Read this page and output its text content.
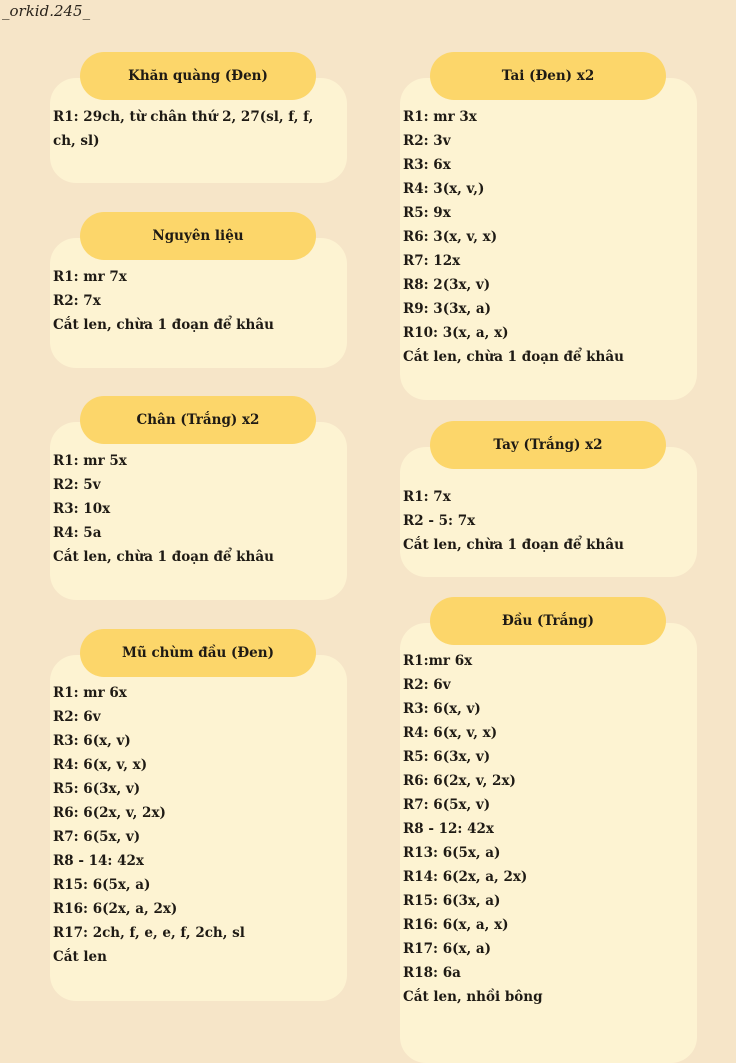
_orkid.245_
Khăn quàng (Đen)
R1: 29ch, từ chân thứ 2, 27(sl, f, f, ch, sl)
Nguyên liệu
R1: mr 7x
R2: 7x
Cắt len, chừa 1 đoạn để khâu
Chân (Trắng) x2
R1: mr 5x
R2: 5v
R3: 10x
R4: 5a
Cắt len, chừa 1 đoạn để khâu
Mũ chùm đầu (Đen)
R1: mr 6x
R2: 6v
R3: 6(x, v)
R4: 6(x, v, x)
R5: 6(3x, v)
R6: 6(2x, v, 2x)
R7: 6(5x, v)
R8 - 14: 42x
R15: 6(5x, a)
R16: 6(2x, a, 2x)
R17: 2ch, f, e, e, f, 2ch, sl
Cắt len
Tai (Đen) x2
R1: mr 3x
R2: 3v
R3: 6x
R4: 3(x, v,)
R5: 9x
R6: 3(x, v, x)
R7: 12x
R8: 2(3x, v)
R9: 3(3x, a)
R10: 3(x, a, x)
Cắt len, chừa 1 đoạn để khâu
Tay (Trắng) x2
R1: 7x
R2 - 5: 7x
Cắt len, chừa 1 đoạn để khâu
Đầu (Trắng)
R1:mr 6x
R2: 6v
R3: 6(x, v)
R4: 6(x, v, x)
R5: 6(3x, v)
R6: 6(2x, v, 2x)
R7: 6(5x, v)
R8 - 12: 42x
R13: 6(5x, a)
R14: 6(2x, a, 2x)
R15: 6(3x, a)
R16: 6(x, a, x)
R17: 6(x, a)
R18: 6a
Cắt len, nhồi bông
